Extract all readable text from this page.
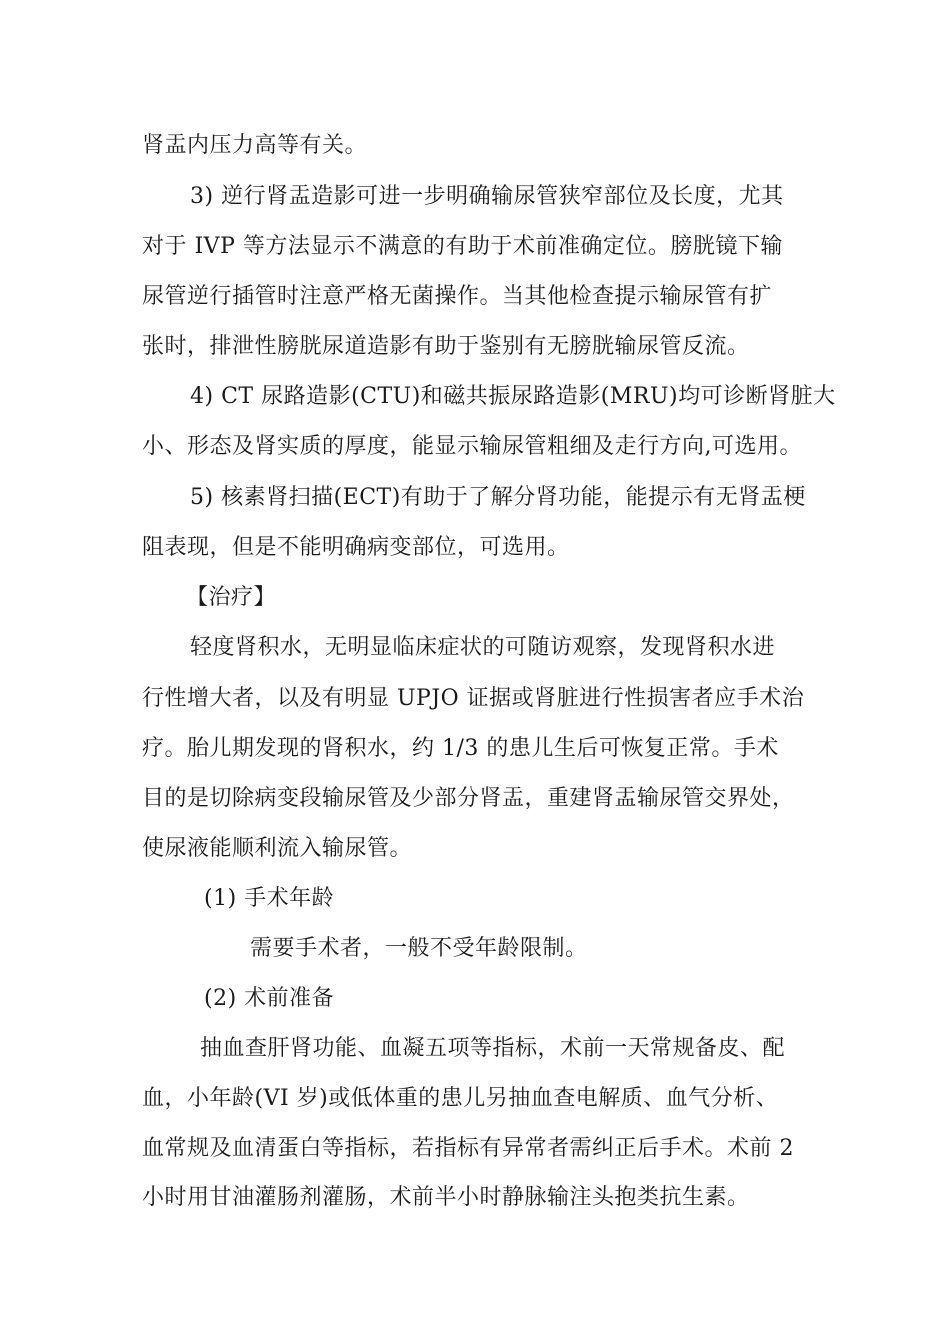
肾盂内压力高等有关。
3) 逆行肾盂造影可进一步明确输尿管狭窄部位及长度，尤其
对于 IVP 等方法显示不满意的有助于术前准确定位。膀胱镜下输
尿管逆行插管时注意严格无菌操作。当其他检查提示输尿管有扩
张时，排泄性膀胱尿道造影有助于鉴别有无膀胱输尿管反流。
4) CT 尿路造影(CTU)和磁共振尿路造影(MRU)均可诊断肾脏大
小、形态及肾实质的厚度，能显示输尿管粗细及走行方向,可选用。
5) 核素肾扫描(ECT)有助于了解分肾功能，能提示有无肾盂梗
阻表现，但是不能明确病变部位，可选用。
【治疗】
轻度肾积水，无明显临床症状的可随访观察，发现肾积水进
行性增大者，以及有明显 UPJO 证据或肾脏进行性损害者应手术治
疗。胎儿期发现的肾积水，约 1/3 的患儿生后可恢复正常。手术
目的是切除病变段输尿管及少部分肾盂，重建肾盂输尿管交界处，
使尿液能顺利流入输尿管。
(1) 手术年龄
需要手术者，一般不受年龄限制。
(2) 术前准备
抽血查肝肾功能、血凝五项等指标，术前一天常规备皮、配
血，小年龄(VI 岁)或低体重的患儿另抽血查电解质、血气分析、
血常规及血清蛋白等指标，若指标有异常者需纠正后手术。术前 2
小时用甘油灌肠剂灌肠，术前半小时静脉输注头抱类抗生素。
